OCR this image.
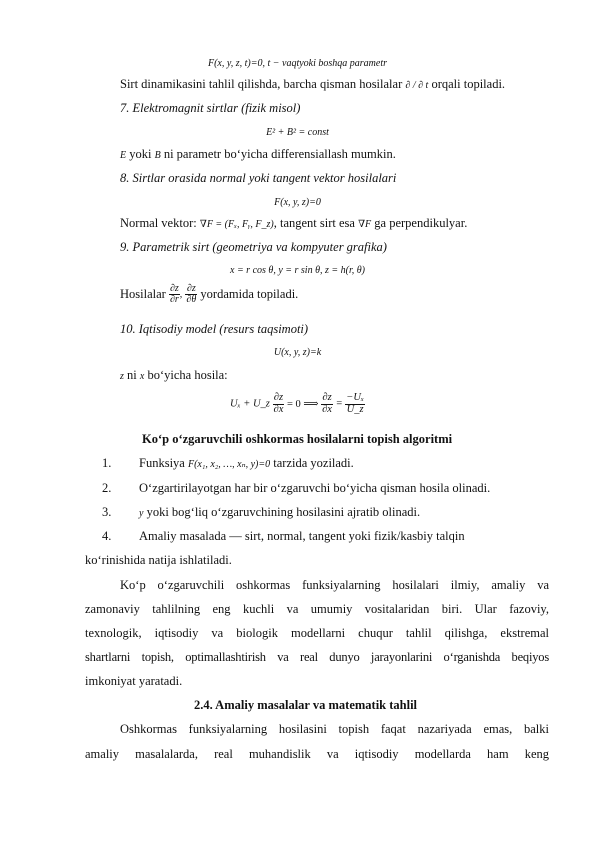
F(x, y, z, t)=0, t − vaqtyoki boshqa parametr
Sirt dinamikasini tahlil qilishda, barcha qisman hosilalar ∂ / ∂ t orqali topiladi.
7. Elektromagnit sirtlar (fizik misol)
E² + B² = const
E yoki B ni parametr bo‘yicha differensiallash mumkin.
8. Sirtlar orasida normal yoki tangent vektor hosilalari
F(x, y, z)=0
Normal vektor: ∇F = (Fₓ, Fᵧ, F_z), tangent sirt esa ∇F ga perpendikulyar.
9. Parametrik sirt (geometriya va kompyuter grafika)
x = r cos θ, y = r sin θ, z = h(r, θ)
Hosilalar $\frac{\partial z}{\partial r}$ , $\frac{\partial z}{\partial\theta}$ yordamida topiladi.
10. Iqtisodiy model (resurs taqsimoti)
U(x, y, z)=k
z ni x bo‘yicha hosila:
Uₓ + U_z $\frac{\partial z}{\partial x} = 0$ ⟹ $\frac{\partial z}{\partial x} = \frac{\text{−Uₓ}}{U\_z}$
Ko‘p o‘zgaruvchili oshkormas hosilalarni topish algoritmi
1. Funksiya F(x₁, x₂, …, xₙ, y)=0 tarzida yoziladi.
2. O‘zgartirilayotgan har bir o‘zgaruvchi bo‘yicha qisman hosila olinadi.
3.	y yoki bog‘liq o‘zgaruvchining hosilasini ajratib olinadi.
4. Amaliy masalada — sirt, normal, tangent yoki fizik/kasbiy talqin
ko‘rinishida natija ishlatiladi.
Ko‘p o‘zgaruvchili oshkormas funksiyalarning hosilalari ilmiy, amaliy va
zamonaviy tahlilning eng kuchli va umumiy vositalaridan biri. Ular fazoviy,
texnologik, iqtisodiy va biologik modellarni chuqur tahlil qilishga, ekstremal
shartlarni topish, optimallashtirish va real dunyo jarayonlarini o‘rganishda beqiyos
imkoniyat yaratadi.
2.4. Amaliy masalalar va matematik tahlil
Oshkormas funksiyalarning hosilasini topish faqat nazariyada emas, balki
amaliy masalalarda, real muhandislik va iqtisodiy modellarda ham keng
